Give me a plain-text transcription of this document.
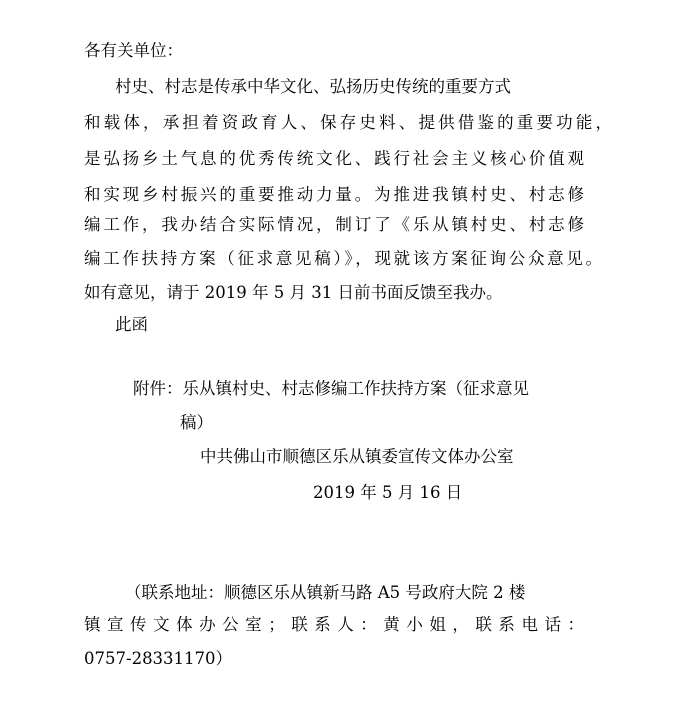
各有关单位：
村史、村志是传承中华文化、弘扬历史传统的重要方式
和载体，承担着资政育人、保存史料、提供借鉴的重要功能，
是弘扬乡土气息的优秀传统文化、践行社会主义核心价值观
和实现乡村振兴的重要推动力量。为推进我镇村史、村志修
编工作，我办结合实际情况，制订了《乐从镇村史、村志修
编工作扶持方案（征求意见稿）》，现就该方案征询公众意见。
如有意见，请于 2019 年 5 月 31 日前书面反馈至我办。
此函
附件：乐从镇村史、村志修编工作扶持方案（征求意见
稿）
中共佛山市顺德区乐从镇委宣传文体办公室
2019 年 5 月 16 日
（联系地址：顺德区乐从镇新马路 A5 号政府大院 2 楼
镇宣传文体办公室；联系人：黄小姐，联系电话：
0757-28331170）
